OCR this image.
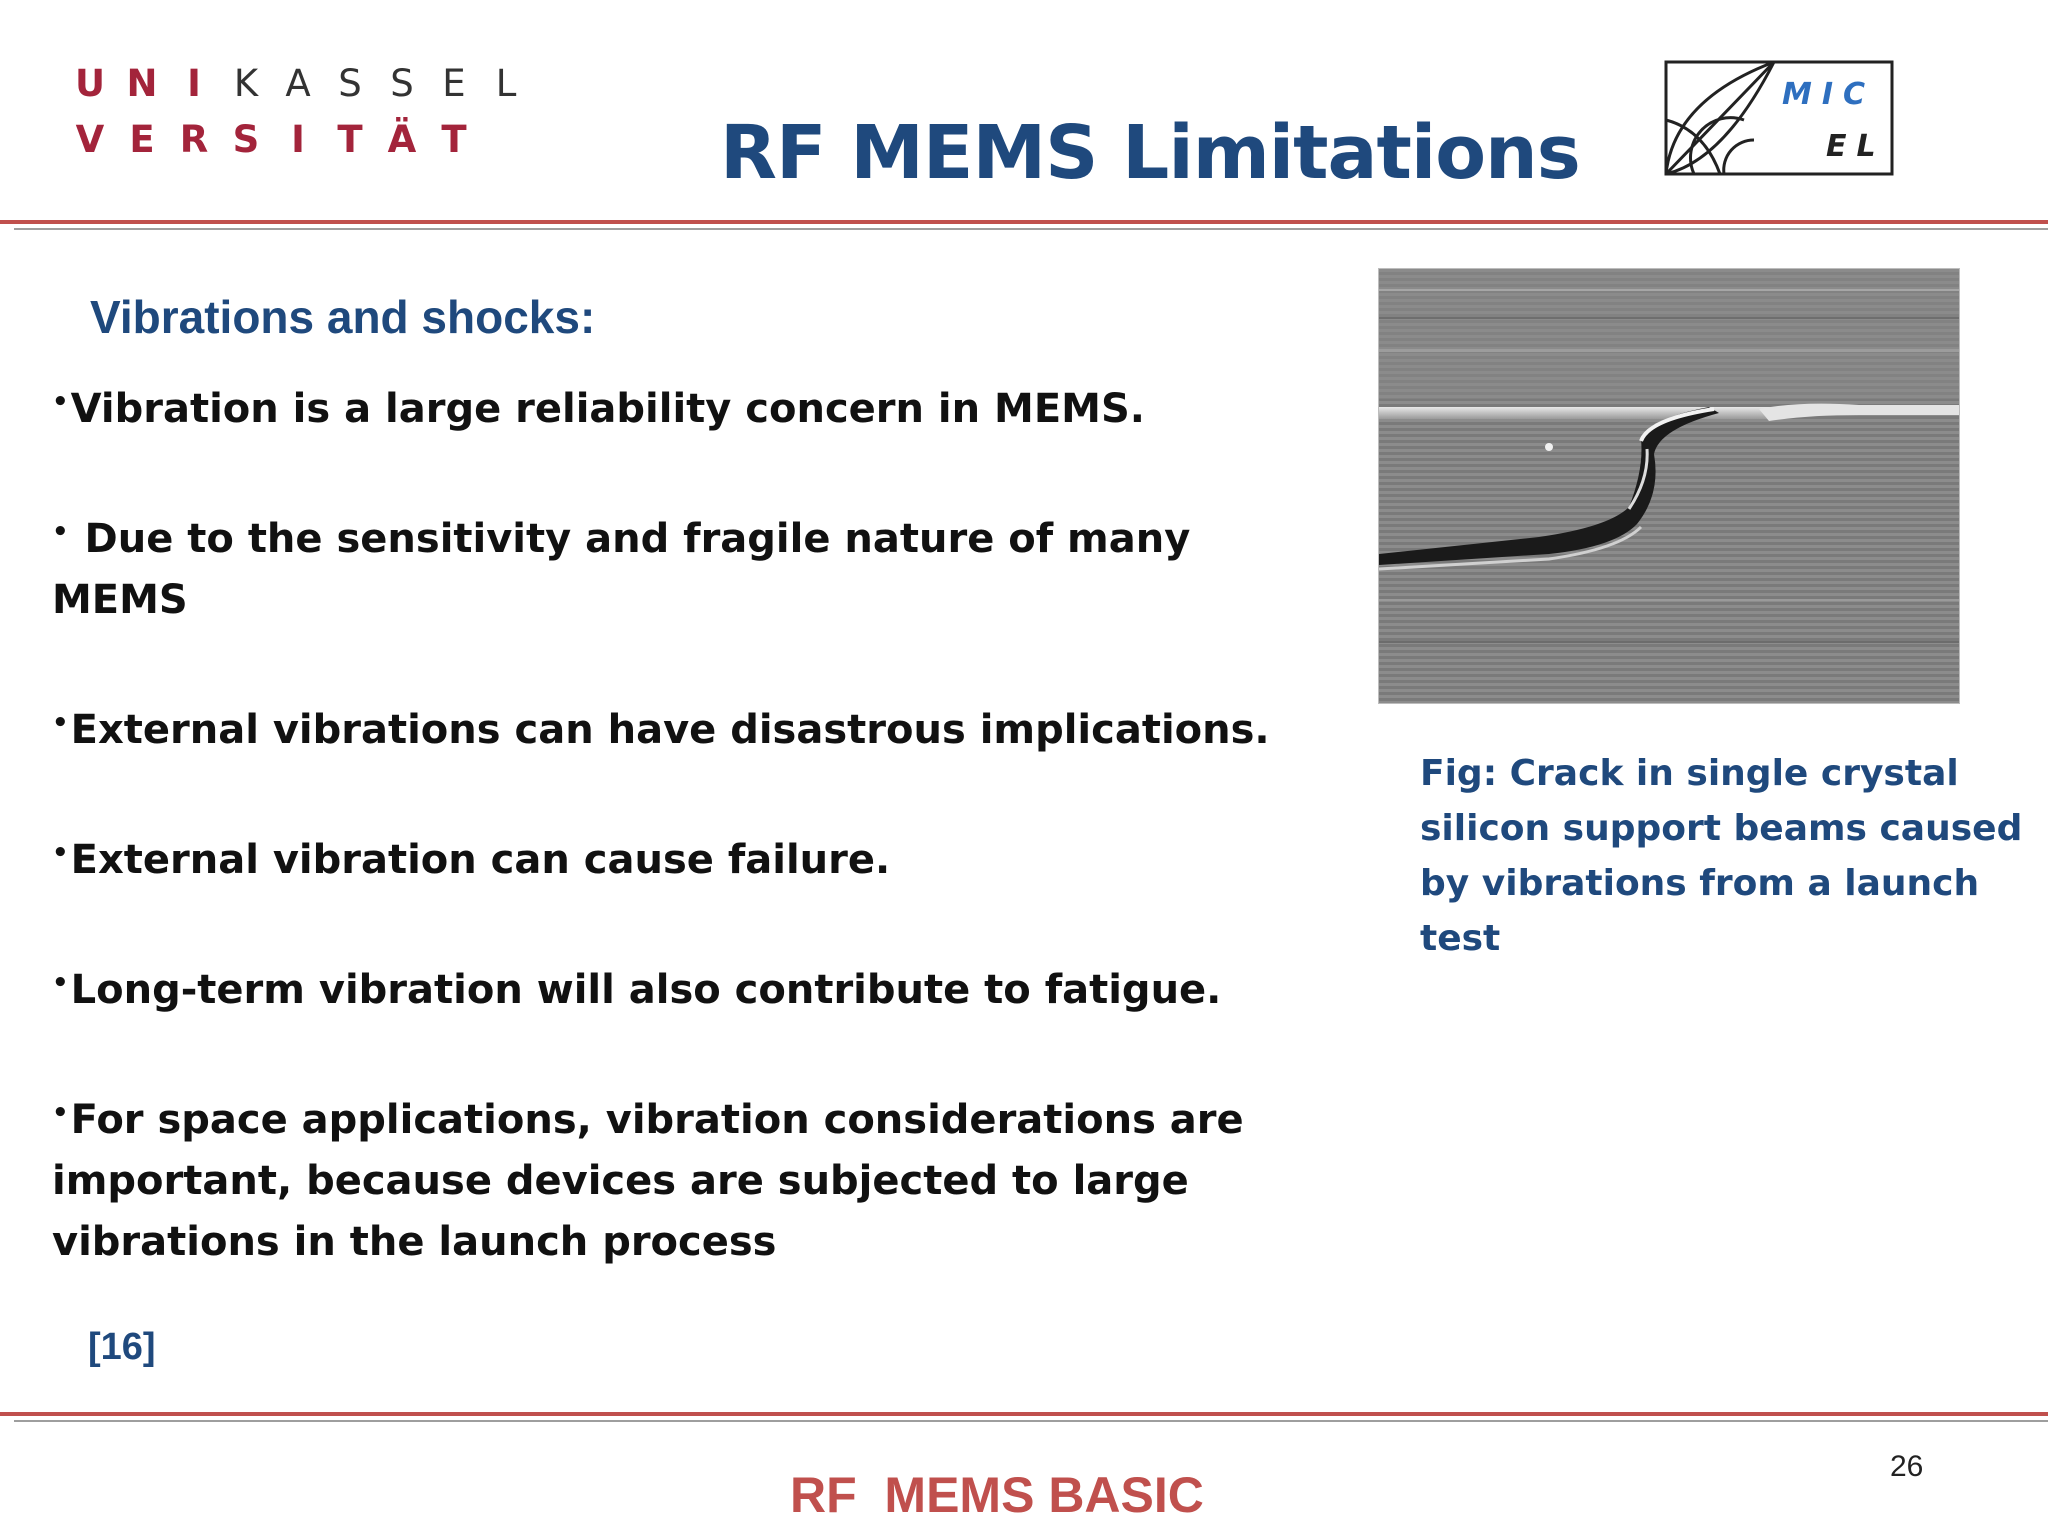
U N I K A S S E L
V E R S I T Ä T	RF MEMS Limitations
MIC
EL
Vibrations and shocks:
•Vibration is a large reliability concern in MEMS.
• Due to the sensitivity and fragile nature of many MEMS
•External vibrations can have disastrous implications.
•External vibration can cause failure.
•Long-term vibration will also contribute to fatigue.
•For space applications, vibration considerations are important, because devices are subjected to large vibrations in the launch process
Fig: Crack in single crystal
silicon support beams caused
by vibrations from a launch test
[16]
RF  MEMS BASIC
26
